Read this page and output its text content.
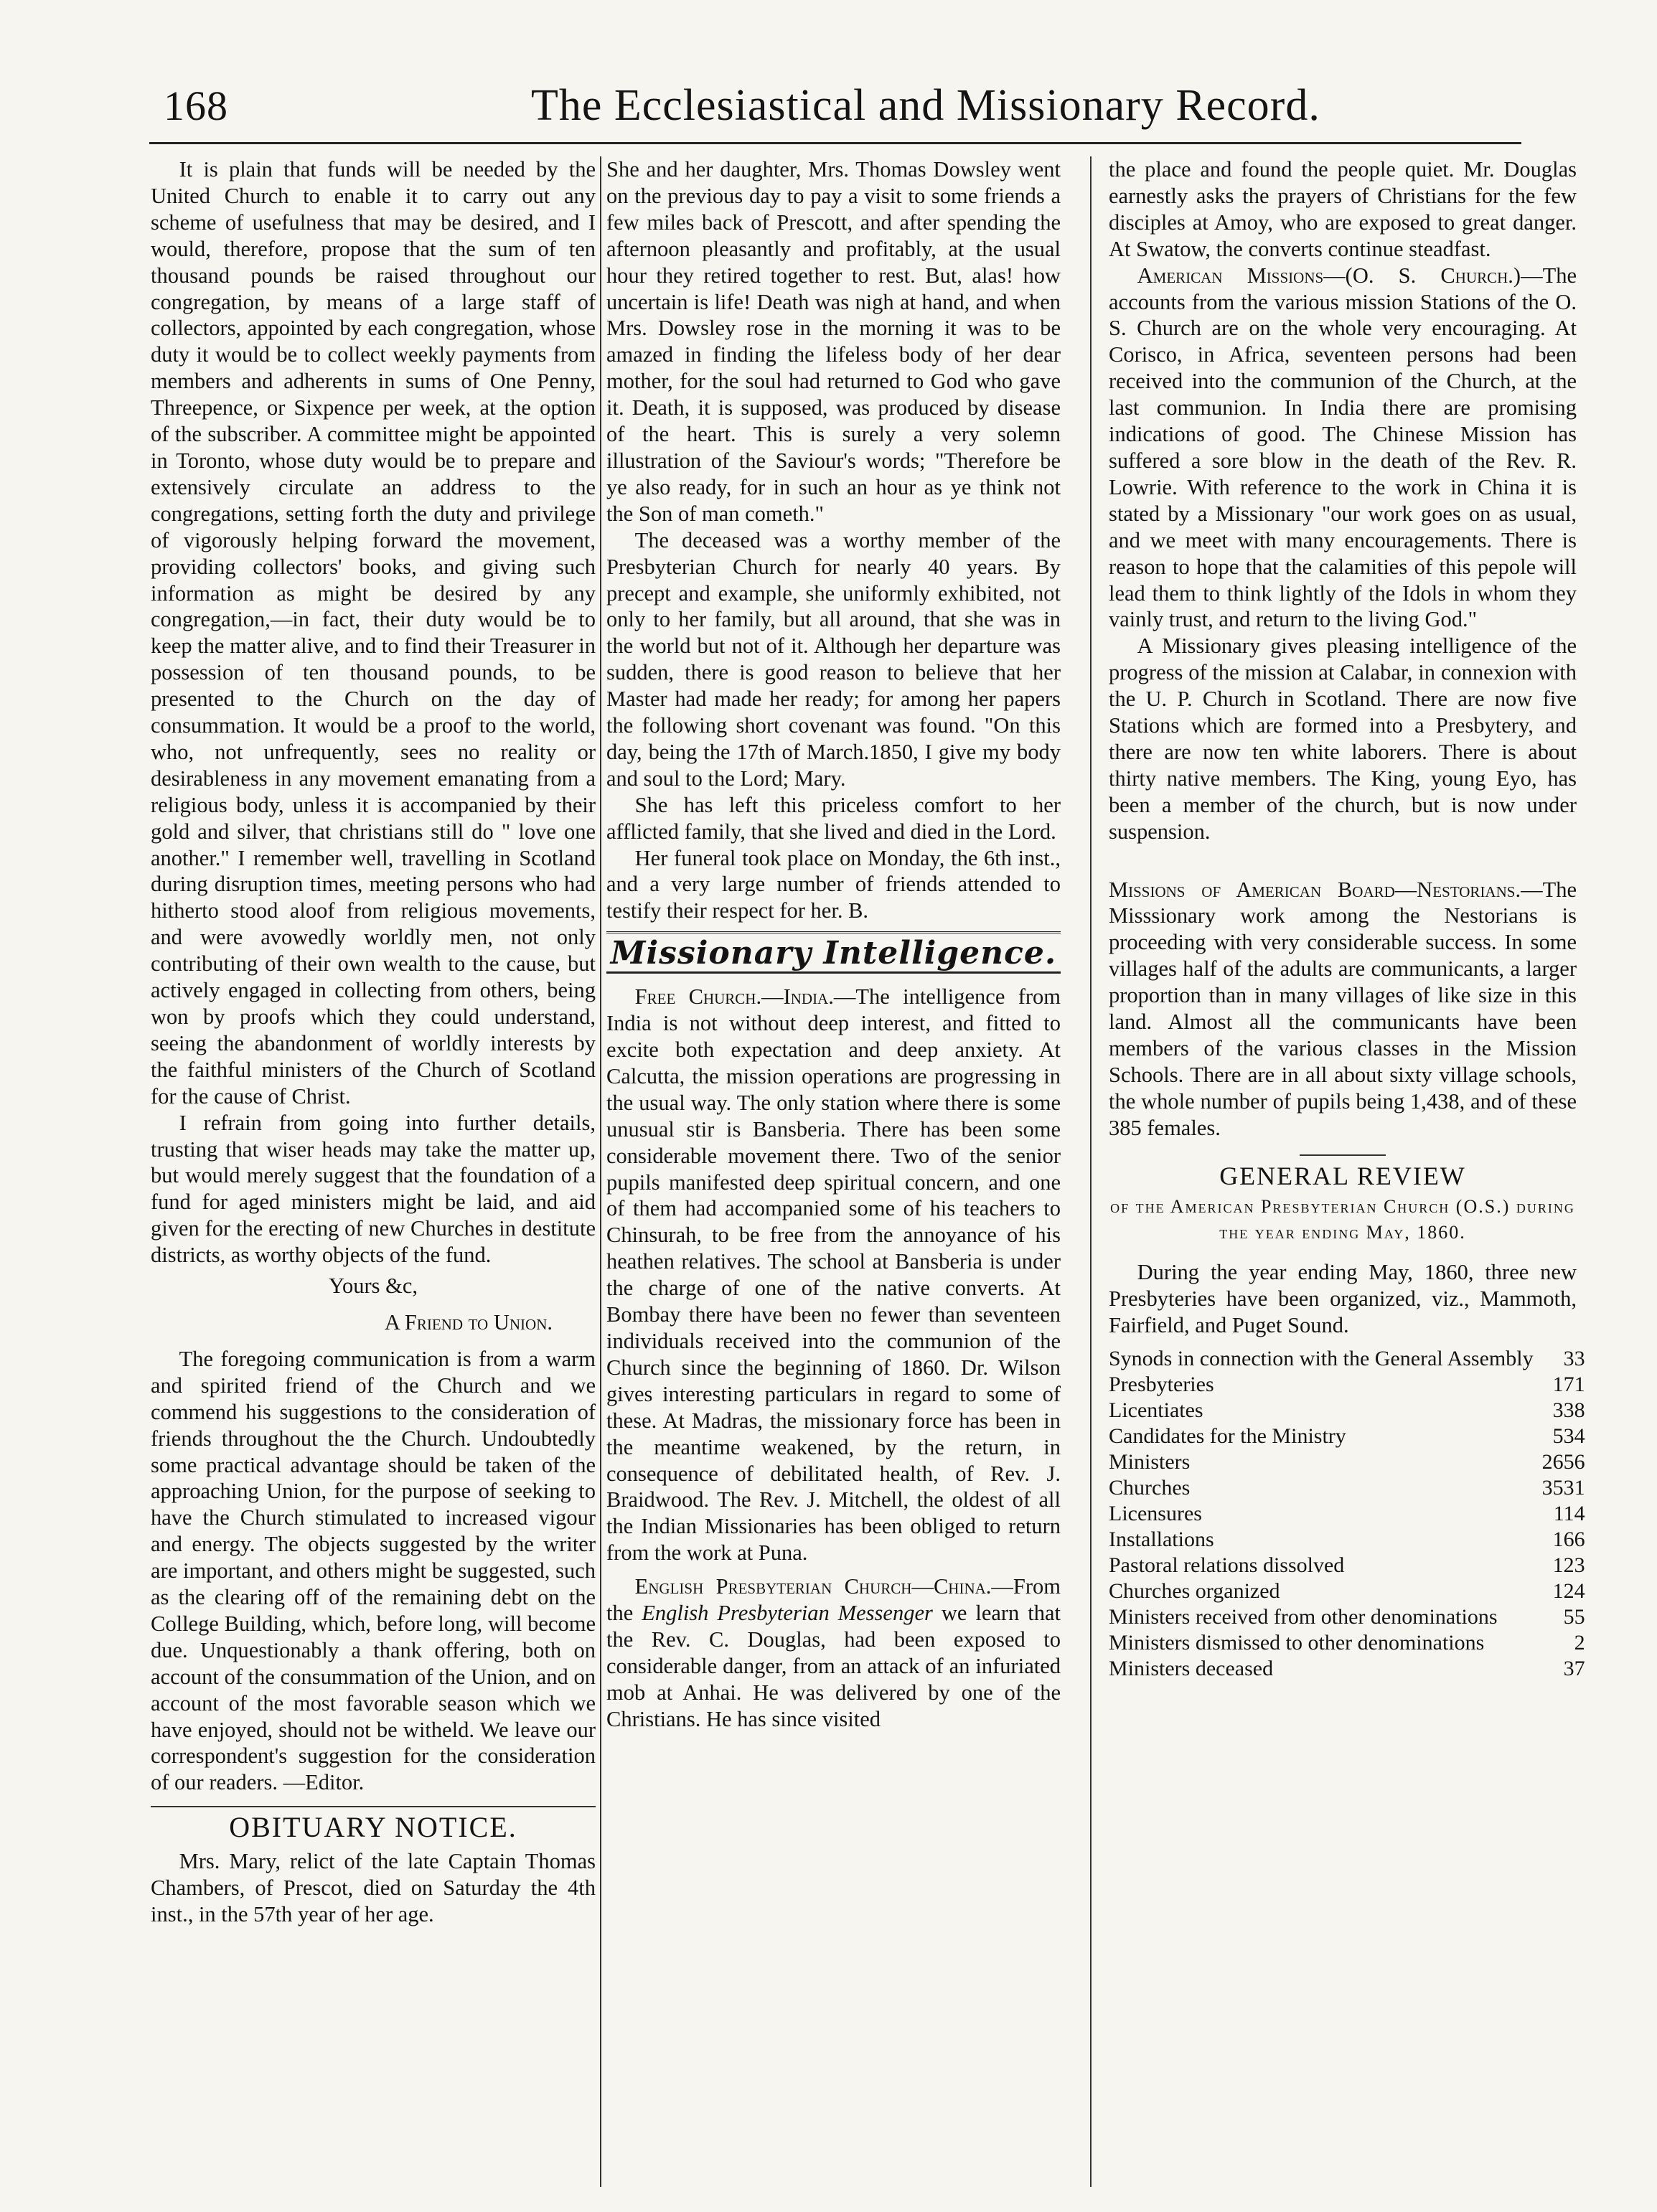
168	The Ecclesiastical and Missionary Record.

It is plain that funds will be needed by the United Church to enable it to carry out any scheme of usefulness that may be desired, and I would, therefore, propose that the sum of ten thousand pounds be raised throughout our congregation, by means of a large staff of collectors, appointed by each congregation, whose duty it would be to collect weekly payments from members and adherents in sums of One Penny, Threepence, or Sixpence per week, at the option of the subscriber. A committee might be appointed in Toronto, whose duty would be to prepare and extensively circulate an address to the congregations, setting forth the duty and privilege of vigorously helping forward the movement, providing collectors' books, and giving such information as might be desired by any congregation,—in fact, their duty would be to keep the matter alive, and to find their Treasurer in possession of ten thousand pounds, to be presented to the Church on the day of consummation. It would be a proof to the world, who, not unfrequently, sees no reality or desirableness in any movement emanating from a religious body, unless it is accompanied by their gold and silver, that christians still do " love one another." I remember well, travelling in Scotland during disruption times, meeting persons who had hitherto stood aloof from religious movements, and were avowedly worldly men, not only contributing of their own wealth to the cause, but actively engaged in collecting from others, being won by proofs which they could understand, seeing the abandonment of worldly interests by the faithful ministers of the Church of Scotland for the cause of Christ.

I refrain from going into further details, trusting that wiser heads may take the matter up, but would merely suggest that the foundation of a fund for aged ministers might be laid, and aid given for the erecting of new Churches in destitute districts, as worthy objects of the fund.

Yours &c,
A Friend to Union.

The foregoing communication is from a warm and spirited friend of the Church and we commend his suggestions to the consideration of friends throughout the the Church. Undoubtedly some practical advantage should be taken of the approaching Union, for the purpose of seeking to have the Church stimulated to increased vigour and energy. The objects suggested by the writer are important, and others might be suggested, such as the clearing off of the remaining debt on the College Building, which, before long, will become due. Unquestionably a thank offering, both on account of the consummation of the Union, and on account of the most favorable season which we have enjoyed, should not be witheld. We leave our correspondent's suggestion for the consideration of our readers. —Editor.

OBITUARY NOTICE.

Mrs. Mary, relict of the late Captain Thomas Chambers, of Prescot, died on Saturday the 4th inst., in the 57th year of her age.

She and her daughter, Mrs. Thomas Dowsley went on the previous day to pay a visit to some friends a few miles back of Prescott, and after spending the afternoon pleasantly and profitably, at the usual hour they retired together to rest. But, alas! how uncertain is life! Death was nigh at hand, and when Mrs. Dowsley rose in the morning it was to be amazed in finding the lifeless body of her dear mother, for the soul had returned to God who gave it. Death, it is supposed, was produced by disease of the heart. This is surely a very solemn illustration of the Saviour's words; "Therefore be ye also ready, for in such an hour as ye think not the Son of man cometh."

The deceased was a worthy member of the Presbyterian Church for nearly 40 years. By precept and example, she uniformly exhibited, not only to her family, but all around, that she was in the world but not of it. Although her departure was sudden, there is good reason to believe that her Master had made her ready; for among her papers the following short covenant was found. "On this day, being the 17th of March.1850, I give my body and soul to the Lord; Mary.

She has left this priceless comfort to her afflicted family, that she lived and died in the Lord.

Her funeral took place on Monday, the 6th inst., and a very large number of friends attended to testify their respect for her. B.

Missionary Intelligence.

Free Church.—India.—The intelligence from India is not without deep interest, and fitted to excite both expectation and deep anxiety. At Calcutta, the mission operations are progressing in the usual way. The only station where there is some unusual stir is Bansberia. There has been some considerable movement there. Two of the senior pupils manifested deep spiritual concern, and one of them had accompanied some of his teachers to Chinsurah, to be free from the annoyance of his heathen relatives. The school at Bansberia is under the charge of one of the native converts. At Bombay there have been no fewer than seventeen individuals received into the communion of the Church since the beginning of 1860. Dr. Wilson gives interesting particulars in regard to some of these. At Madras, the missionary force has been in the meantime weakened, by the return, in consequence of debilitated health, of Rev. J. Braidwood. The Rev. J. Mitchell, the oldest of all the Indian Missionaries has been obliged to return from the work at Puna.

English Presbyterian Church—China.—From the English Presbyterian Messenger we learn that the Rev. C. Douglas, had been exposed to considerable danger, from an attack of an infuriated mob at Anhai. He was delivered by one of the Christians. He has since visited

the place and found the people quiet. Mr. Douglas earnestly asks the prayers of Christians for the few disciples at Amoy, who are exposed to great danger. At Swatow, the converts continue steadfast.

American Missions—(O. S. Church.)—The accounts from the various mission Stations of the O. S. Church are on the whole very encouraging. At Corisco, in Africa, seventeen persons had been received into the communion of the Church, at the last communion. In India there are promising indications of good. The Chinese Mission has suffered a sore blow in the death of the Rev. R. Lowrie. With reference to the work in China it is stated by a Missionary "our work goes on as usual, and we meet with many encouragements. There is reason to hope that the calamities of this pepole will lead them to think lightly of the Idols in whom they vainly trust, and return to the living God."

A Missionary gives pleasing intelligence of the progress of the mission at Calabar, in connexion with the U. P. Church in Scotland. There are now five Stations which are formed into a Presbytery, and there are now ten white laborers. There is about thirty native members. The King, young Eyo, has been a member of the church, but is now under suspension.

Missions of American Board—Nestorians.—The Misssionary work among the Nestorians is proceeding with very considerable success. In some villages half of the adults are communicants, a larger proportion than in many villages of like size in this land. Almost all the communicants have been members of the various classes in the Mission Schools. There are in all about sixty village schools, the whole number of pupils being 1,438, and of these 385 females.

GENERAL REVIEW
of the American Presbyterian Church (O.S.) during the year ending May, 1860.

During the year ending May, 1860, three new Presbyteries have been organized, viz., Mammoth, Fairfield, and Puget Sound.

Synods in connection with the General Assembly		33
Presbyteries		171
Licentiates		338
Candidates for the Ministry		534
Ministers		2656
Churches		3531
Licensures		114
Installations		166
Pastoral relations dissolved		123
Churches organized		124
Ministers received from other denominations		55
Ministers dismissed to other denominations		2
Ministers deceased		37
